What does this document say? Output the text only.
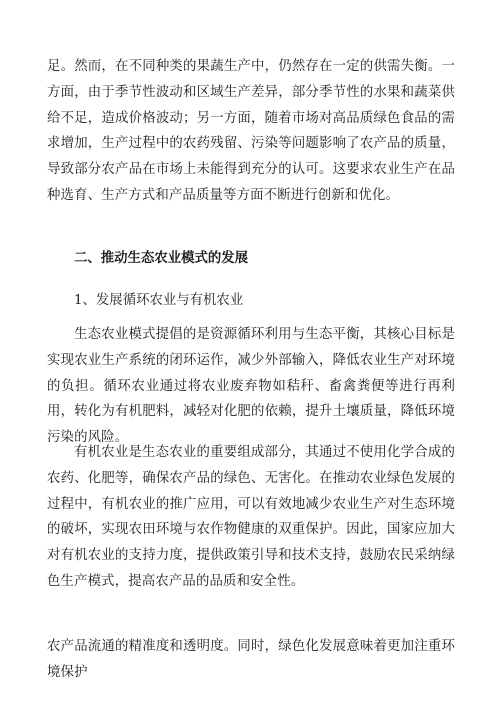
足。然而，在不同种类的果蔬生产中，仍然存在一定的供需失衡。一方面，由于季节性波动和区域生产差异，部分季节性的水果和蔬菜供给不足，造成价格波动；另一方面，随着市场对高品质绿色食品的需求增加，生产过程中的农药残留、污染等问题影响了农产品的质量，导致部分农产品在市场上未能得到充分的认可。这要求农业生产在品种选育、生产方式和产品质量等方面不断进行创新和优化。

二、推动生态农业模式的发展

1、发展循环农业与有机农业

生态农业模式提倡的是资源循环利用与生态平衡，其核心目标是实现农业生产系统的闭环运作，减少外部输入，降低农业生产对环境的负担。循环农业通过将农业废弃物如秸秆、畜禽粪便等进行再利用，转化为有机肥料，减轻对化肥的依赖，提升土壤质量，降低环境污染的风险。

有机农业是生态农业的重要组成部分，其通过不使用化学合成的农药、化肥等，确保农产品的绿色、无害化。在推动农业绿色发展的过程中，有机农业的推广应用，可以有效地减少农业生产对生态环境的破坏，实现农田环境与农作物健康的双重保护。因此，国家应加大对有机农业的支持力度，提供政策引导和技术支持，鼓励农民采纳绿色生产模式，提高农产品的品质和安全性。

农产品流通的精准度和透明度。同时，绿色化发展意味着更加注重环境保护
